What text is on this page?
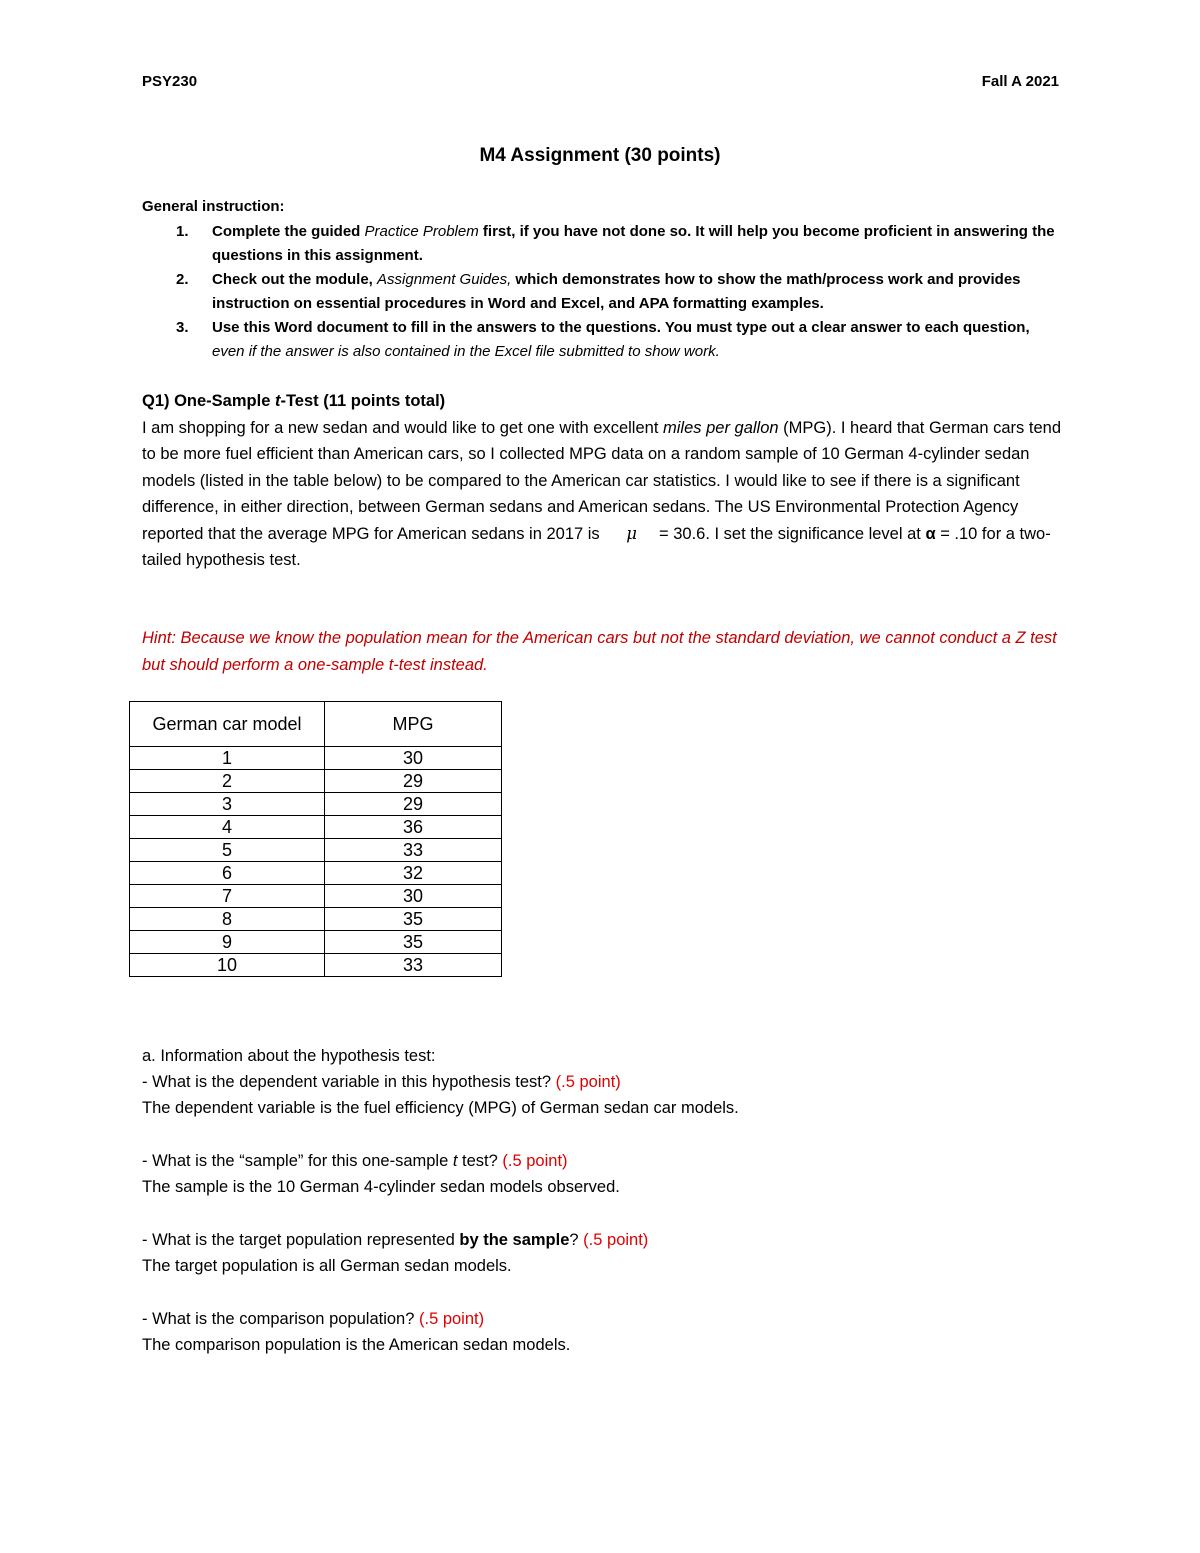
PSY230	Fall A 2021
M4 Assignment (30 points)
General instruction:
1. Complete the guided Practice Problem first, if you have not done so. It will help you become proficient in answering the questions in this assignment.
2. Check out the module, Assignment Guides, which demonstrates how to show the math/process work and provides instruction on essential procedures in Word and Excel, and APA formatting examples.
3. Use this Word document to fill in the answers to the questions. You must type out a clear answer to each question, even if the answer is also contained in the Excel file submitted to show work.
Q1) One-Sample t-Test (11 points total)
I am shopping for a new sedan and would like to get one with excellent miles per gallon (MPG). I heard that German cars tend to be more fuel efficient than American cars, so I collected MPG data on a random sample of 10 German 4-cylinder sedan models (listed in the table below) to be compared to the American car statistics. I would like to see if there is a significant difference, in either direction, between German sedans and American sedans. The US Environmental Protection Agency reported that the average MPG for American sedans in 2017 is μ = 30.6. I set the significance level at α = .10 for a two-tailed hypothesis test.
Hint: Because we know the population mean for the American cars but not the standard deviation, we cannot conduct a Z test but should perform a one-sample t-test instead.
German car model	MPG
1	30
2	29
3	29
4	36
5	33
6	32
7	30
8	35
9	35
10	33
a. Information about the hypothesis test:

- What is the dependent variable in this hypothesis test? (.5 point)
The dependent variable is the fuel efficiency (MPG) of German sedan car models.

- What is the “sample” for this one-sample t test? (.5 point)
The sample is the 10 German 4-cylinder sedan models observed.

- What is the target population represented by the sample? (.5 point)
The target population is all German sedan models.

- What is the comparison population? (.5 point)
The comparison population is the American sedan models.
